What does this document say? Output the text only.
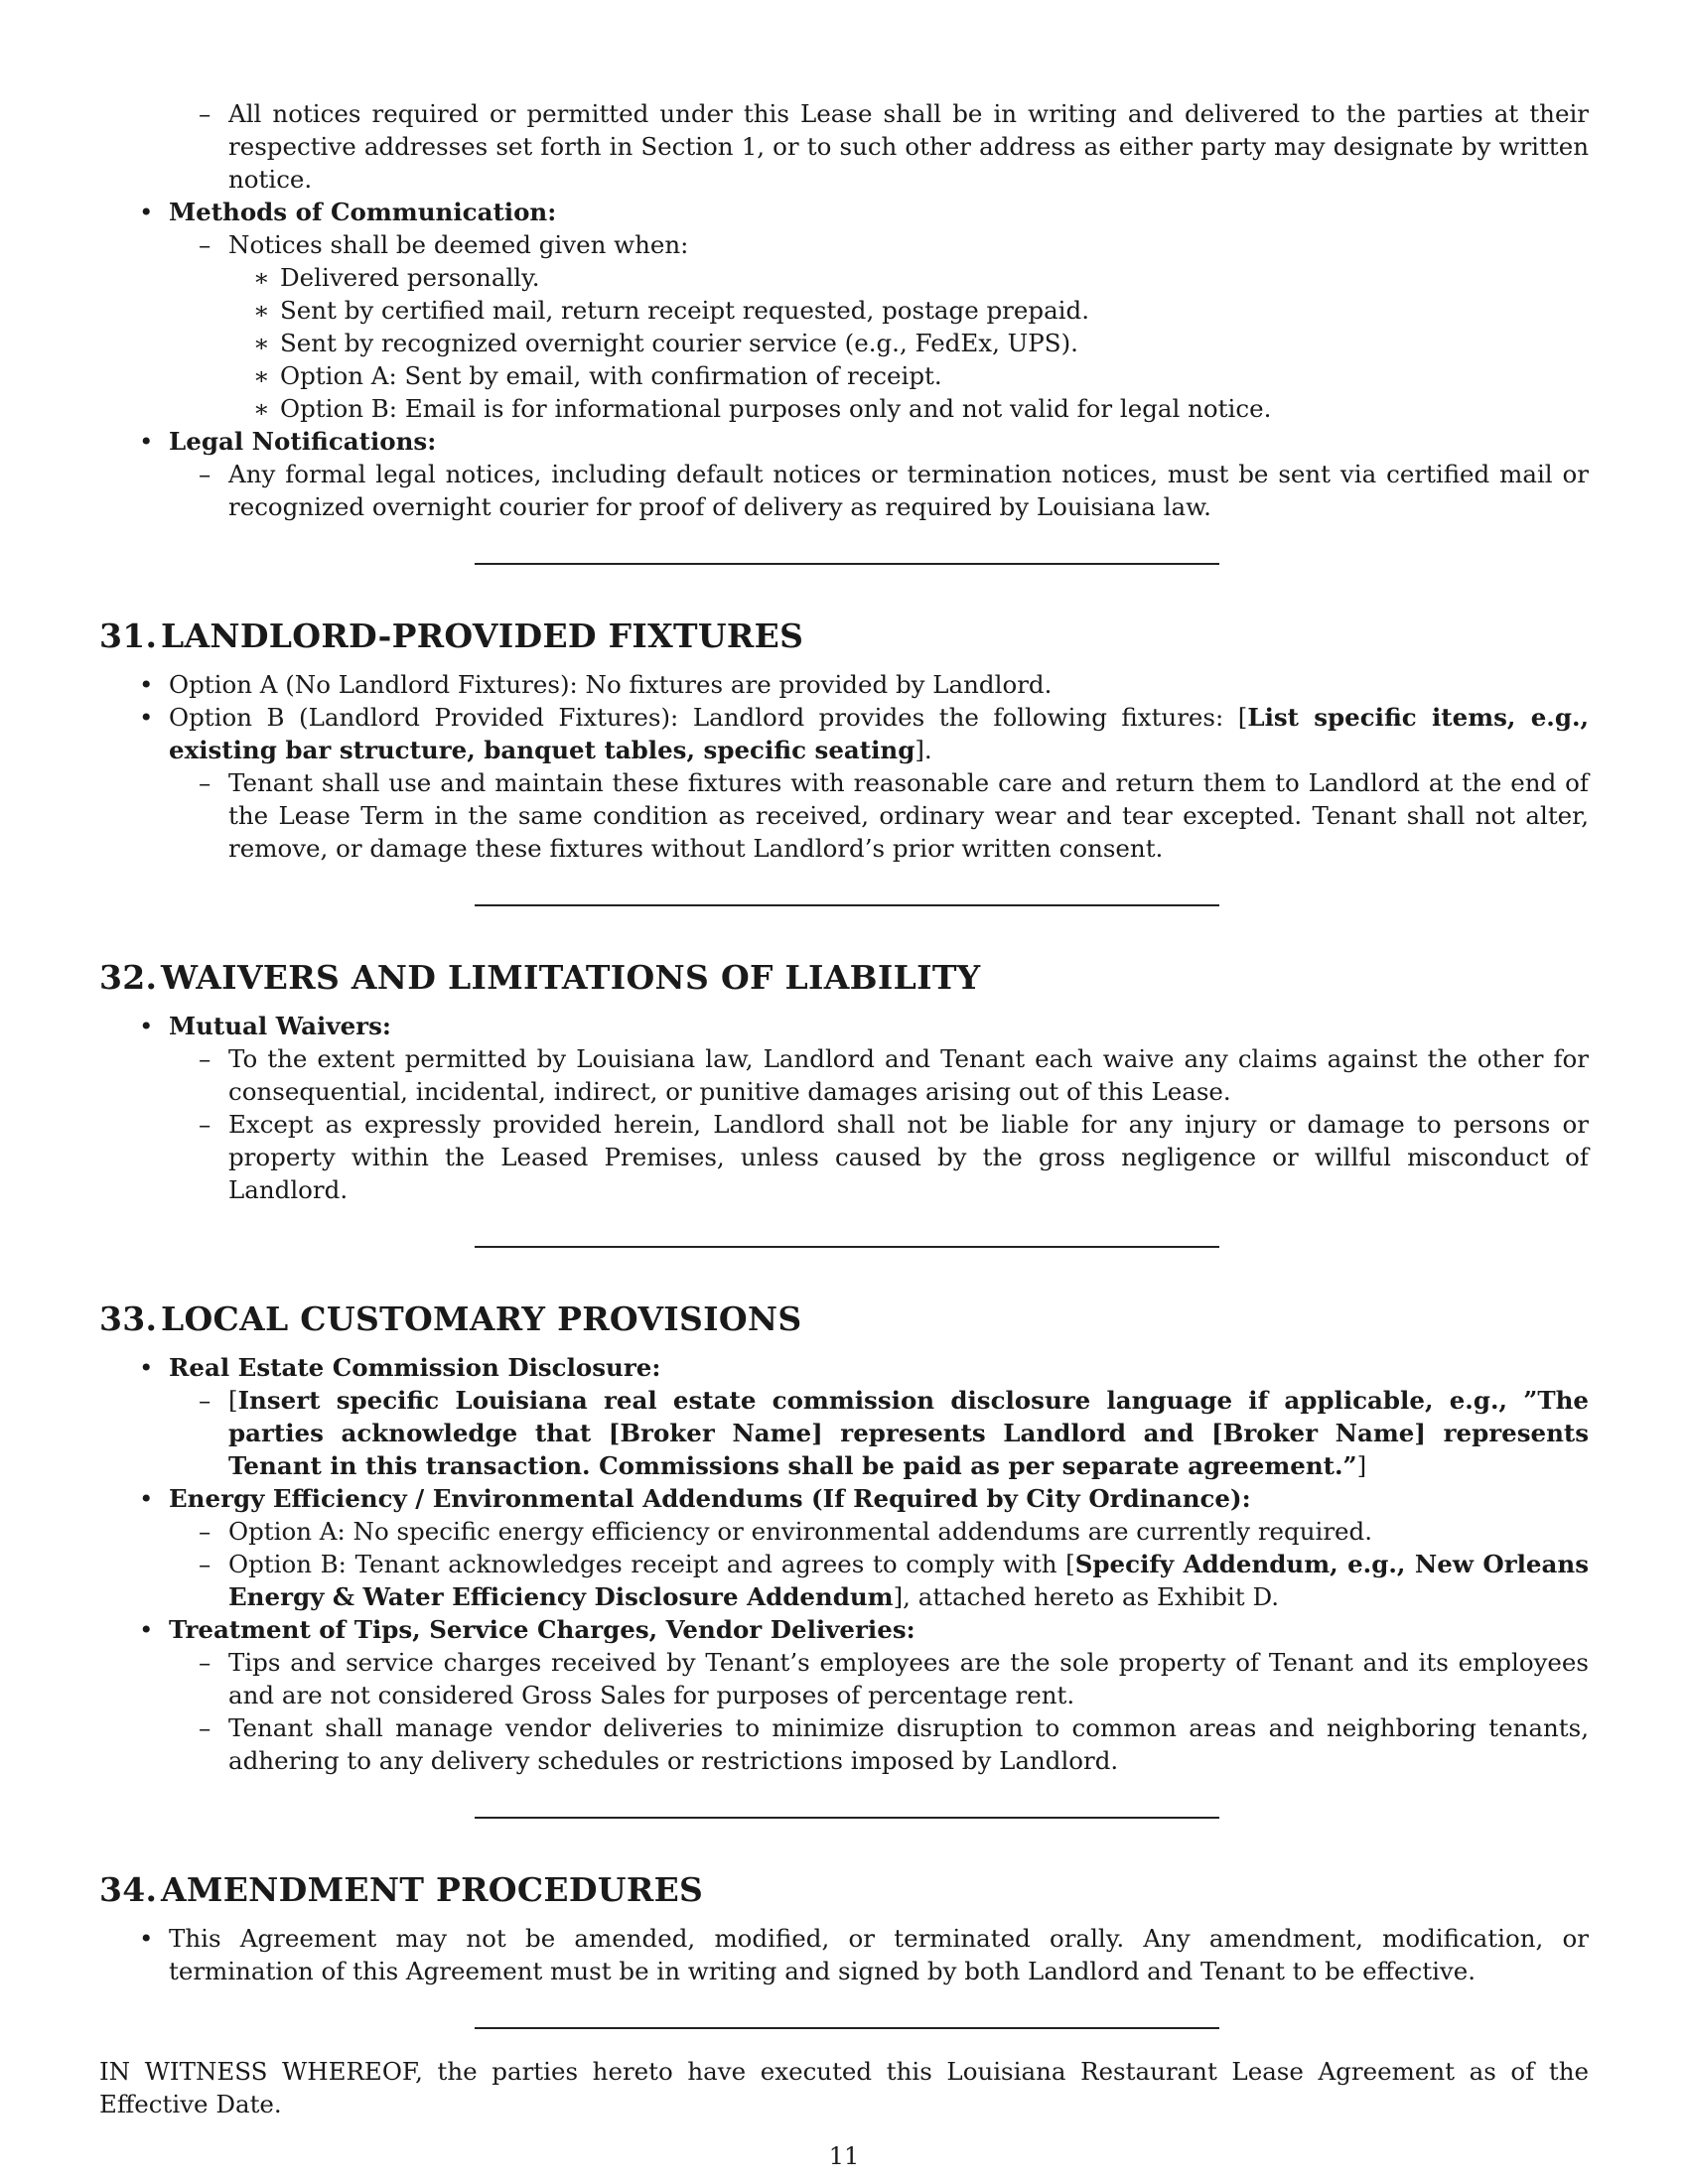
– All notices required or permitted under this Lease shall be in writing and delivered to the parties at their respective addresses set forth in Section 1, or to such other address as either party may designate by written notice.

• Methods of Communication:

– Notices shall be deemed given when:

∗ Delivered personally.

∗ Sent by certified mail, return receipt requested, postage prepaid.

∗ Sent by recognized overnight courier service (e.g., FedEx, UPS).

∗ Option A: Sent by email, with confirmation of receipt.

∗ Option B: Email is for informational purposes only and not valid for legal notice.

• Legal Notifications:

– Any formal legal notices, including default notices or termination notices, must be sent via certified mail or recognized overnight courier for proof of delivery as required by Louisiana law.

31. LANDLORD-PROVIDED FIXTURES

• Option A (No Landlord Fixtures): No fixtures are provided by Landlord.

• Option B (Landlord Provided Fixtures): Landlord provides the following fixtures: [List specific items, e.g., existing bar structure, banquet tables, specific seating].

– Tenant shall use and maintain these fixtures with reasonable care and return them to Landlord at the end of the Lease Term in the same condition as received, ordinary wear and tear excepted. Tenant shall not alter, remove, or damage these fixtures without Landlord’s prior written consent.

32. WAIVERS AND LIMITATIONS OF LIABILITY

• Mutual Waivers:

– To the extent permitted by Louisiana law, Landlord and Tenant each waive any claims against the other for consequential, incidental, indirect, or punitive damages arising out of this Lease.

– Except as expressly provided herein, Landlord shall not be liable for any injury or damage to persons or property within the Leased Premises, unless caused by the gross negligence or willful misconduct of Landlord.

33. LOCAL CUSTOMARY PROVISIONS

• Real Estate Commission Disclosure:

– [Insert specific Louisiana real estate commission disclosure language if applicable, e.g., ”The parties acknowledge that [Broker Name] represents Landlord and [Broker Name] represents Tenant in this transaction. Commissions shall be paid as per separate agreement.”]

• Energy Efficiency / Environmental Addendums (If Required by City Ordinance):

– Option A: No specific energy efficiency or environmental addendums are currently required.

– Option B: Tenant acknowledges receipt and agrees to comply with [Specify Addendum, e.g., New Orleans Energy & Water Efficiency Disclosure Addendum], attached hereto as Exhibit D.

• Treatment of Tips, Service Charges, Vendor Deliveries:

– Tips and service charges received by Tenant’s employees are the sole property of Tenant and its employees and are not considered Gross Sales for purposes of percentage rent.

– Tenant shall manage vendor deliveries to minimize disruption to common areas and neighboring tenants, adhering to any delivery schedules or restrictions imposed by Landlord.

34. AMENDMENT PROCEDURES

• This Agreement may not be amended, modified, or terminated orally. Any amendment, modification, or termination of this Agreement must be in writing and signed by both Landlord and Tenant to be effective.

IN WITNESS WHEREOF, the parties hereto have executed this Louisiana Restaurant Lease Agreement as of the Effective Date.

11
